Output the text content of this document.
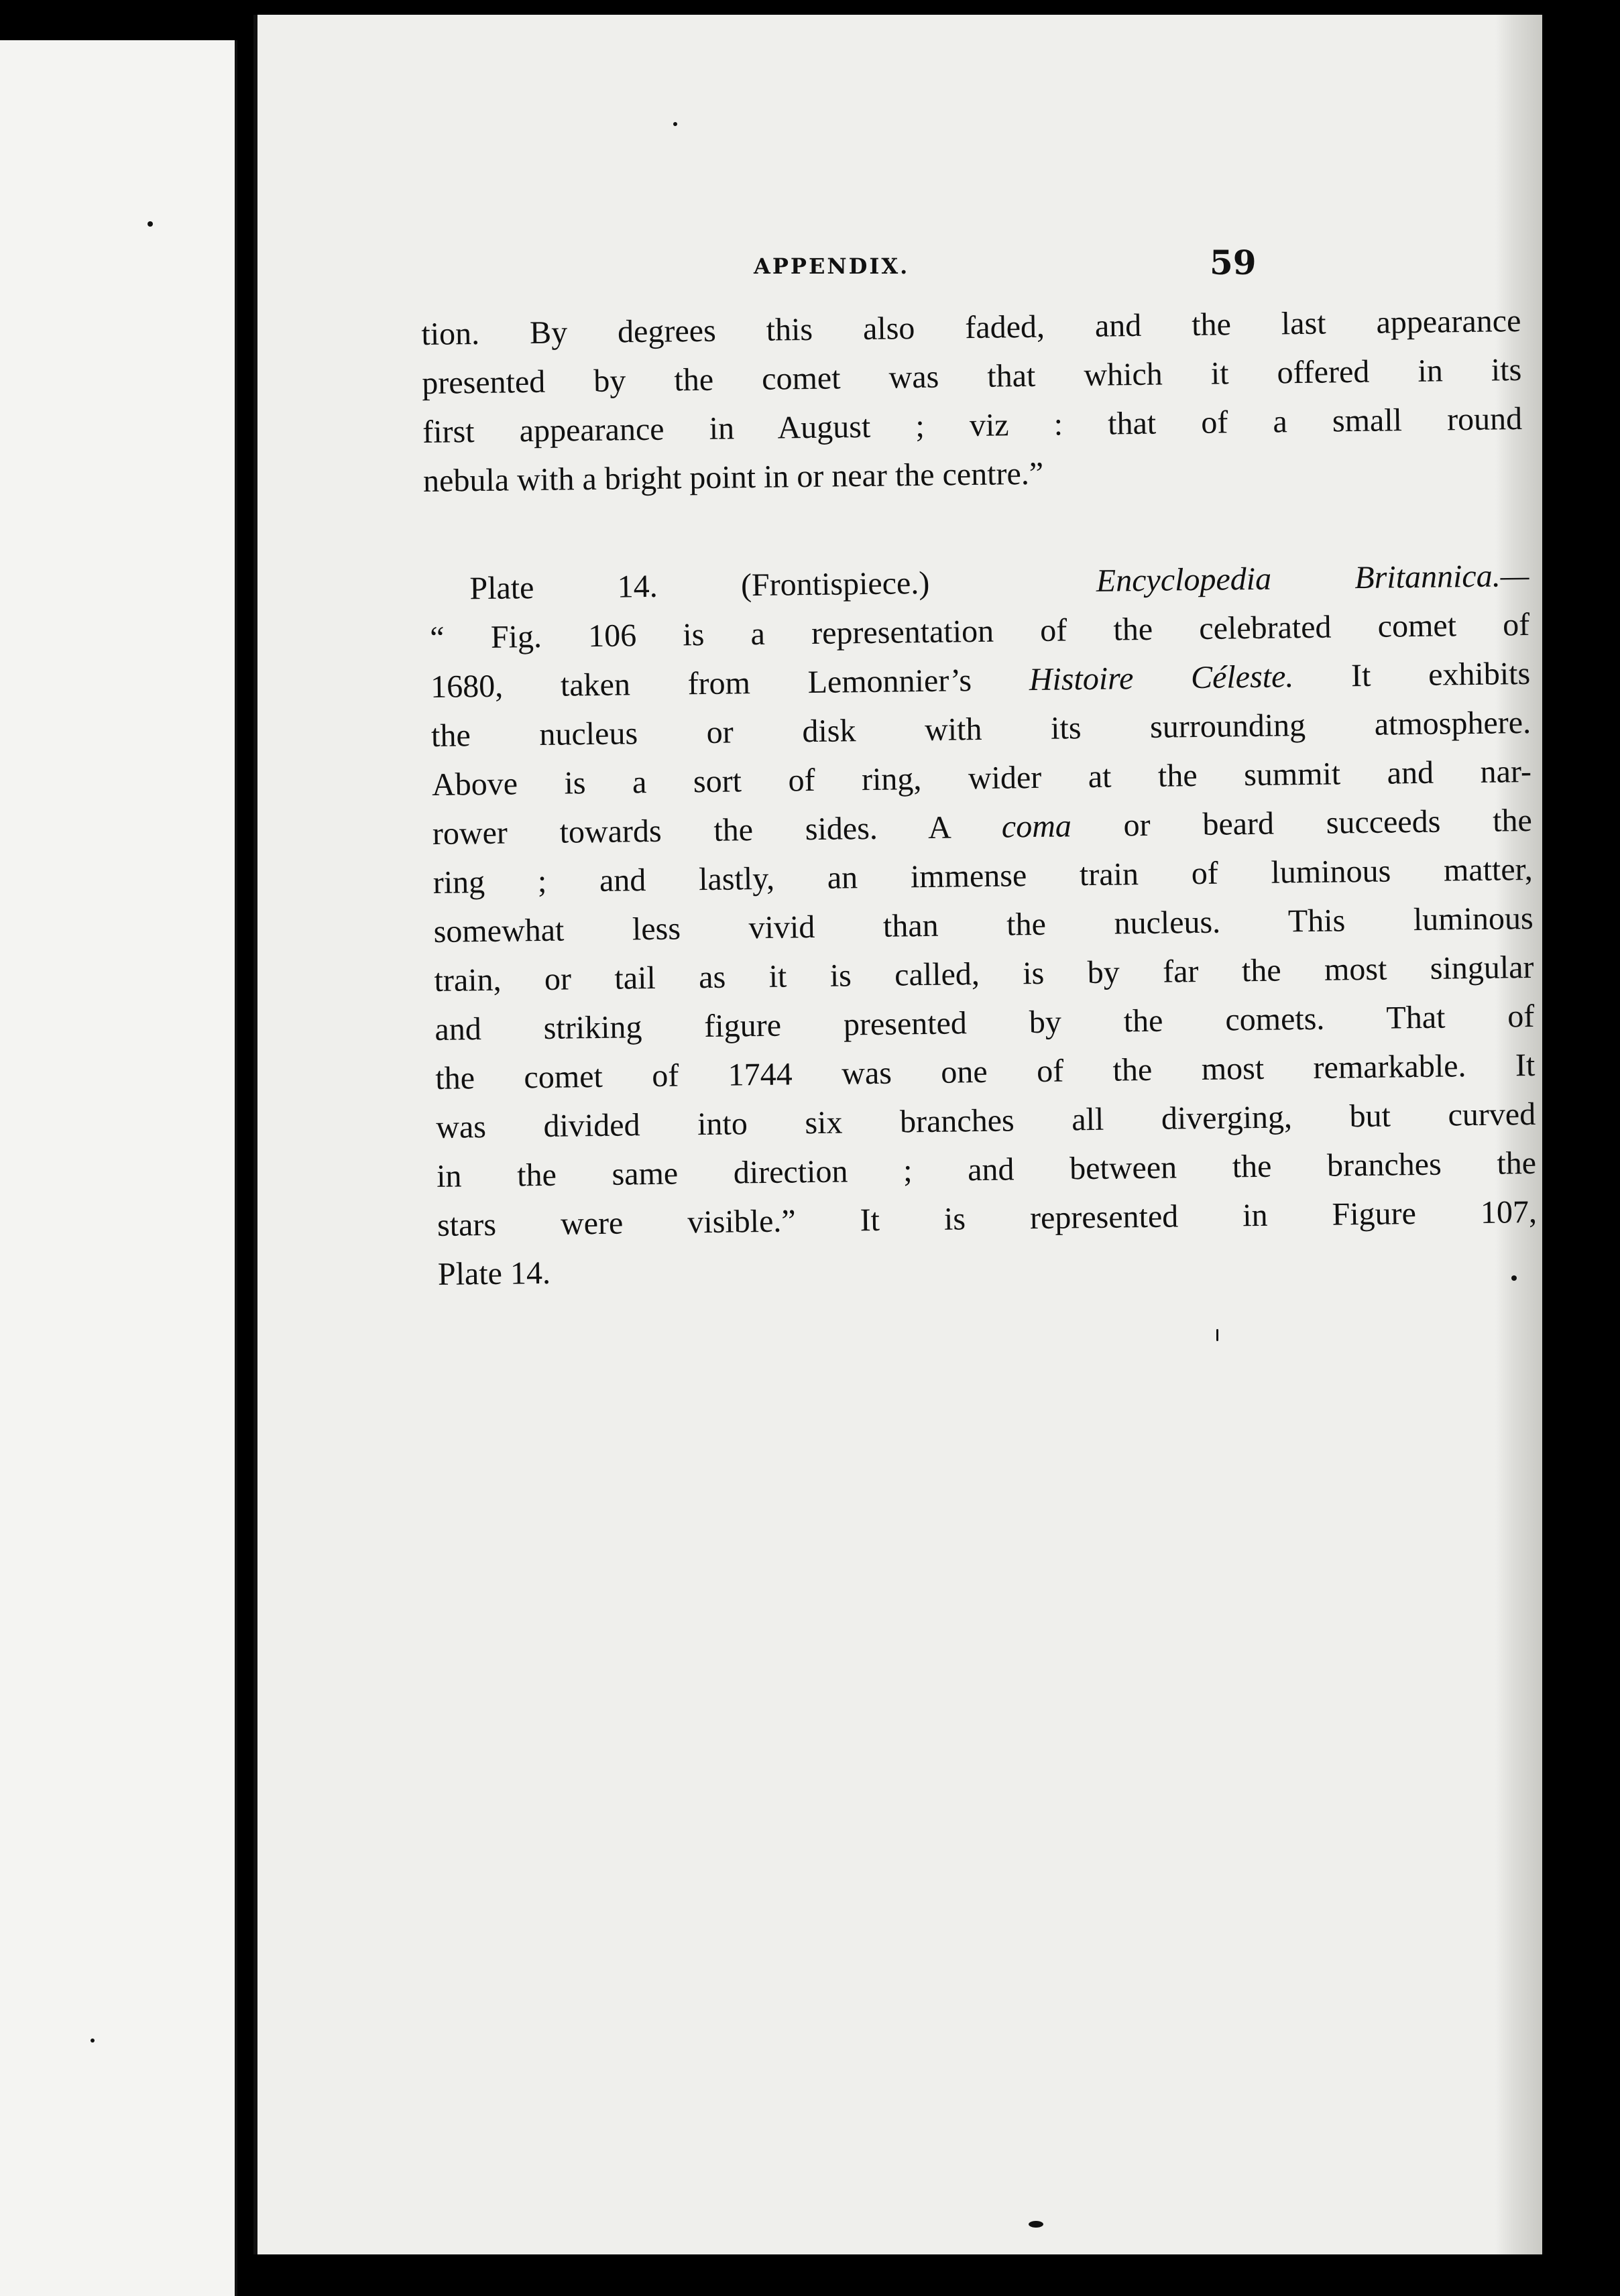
APPENDIX.	59
tion. By degrees this also faded, and the last appearance
presented by the comet was that which it offered in its
first appearance in August ; viz : that of a small round
nebula with a bright point in or near the centre.”
Plate 14. (Frontispiece.)	Encyclopedia Britannica.—
“ Fig. 106 is a representation of the celebrated comet of
1680, taken from Lemonnier’s Histoire Céleste. It exhibits
the nucleus or disk with its surrounding atmosphere.
Above is a sort of ring, wider at the summit and nar-
rower towards the sides. A coma or beard succeeds the
ring ; and lastly, an immense train of luminous matter,
somewhat less vivid than the nucleus. This luminous
train, or tail as it is called, is by far the most singular
and striking figure presented by the comets. That of
the comet of 1744 was one of the most remarkable. It
was divided into six branches all diverging, but curved
in the same direction ; and between the branches the
stars were visible.” It is represented in Figure 107,
Plate 14.
